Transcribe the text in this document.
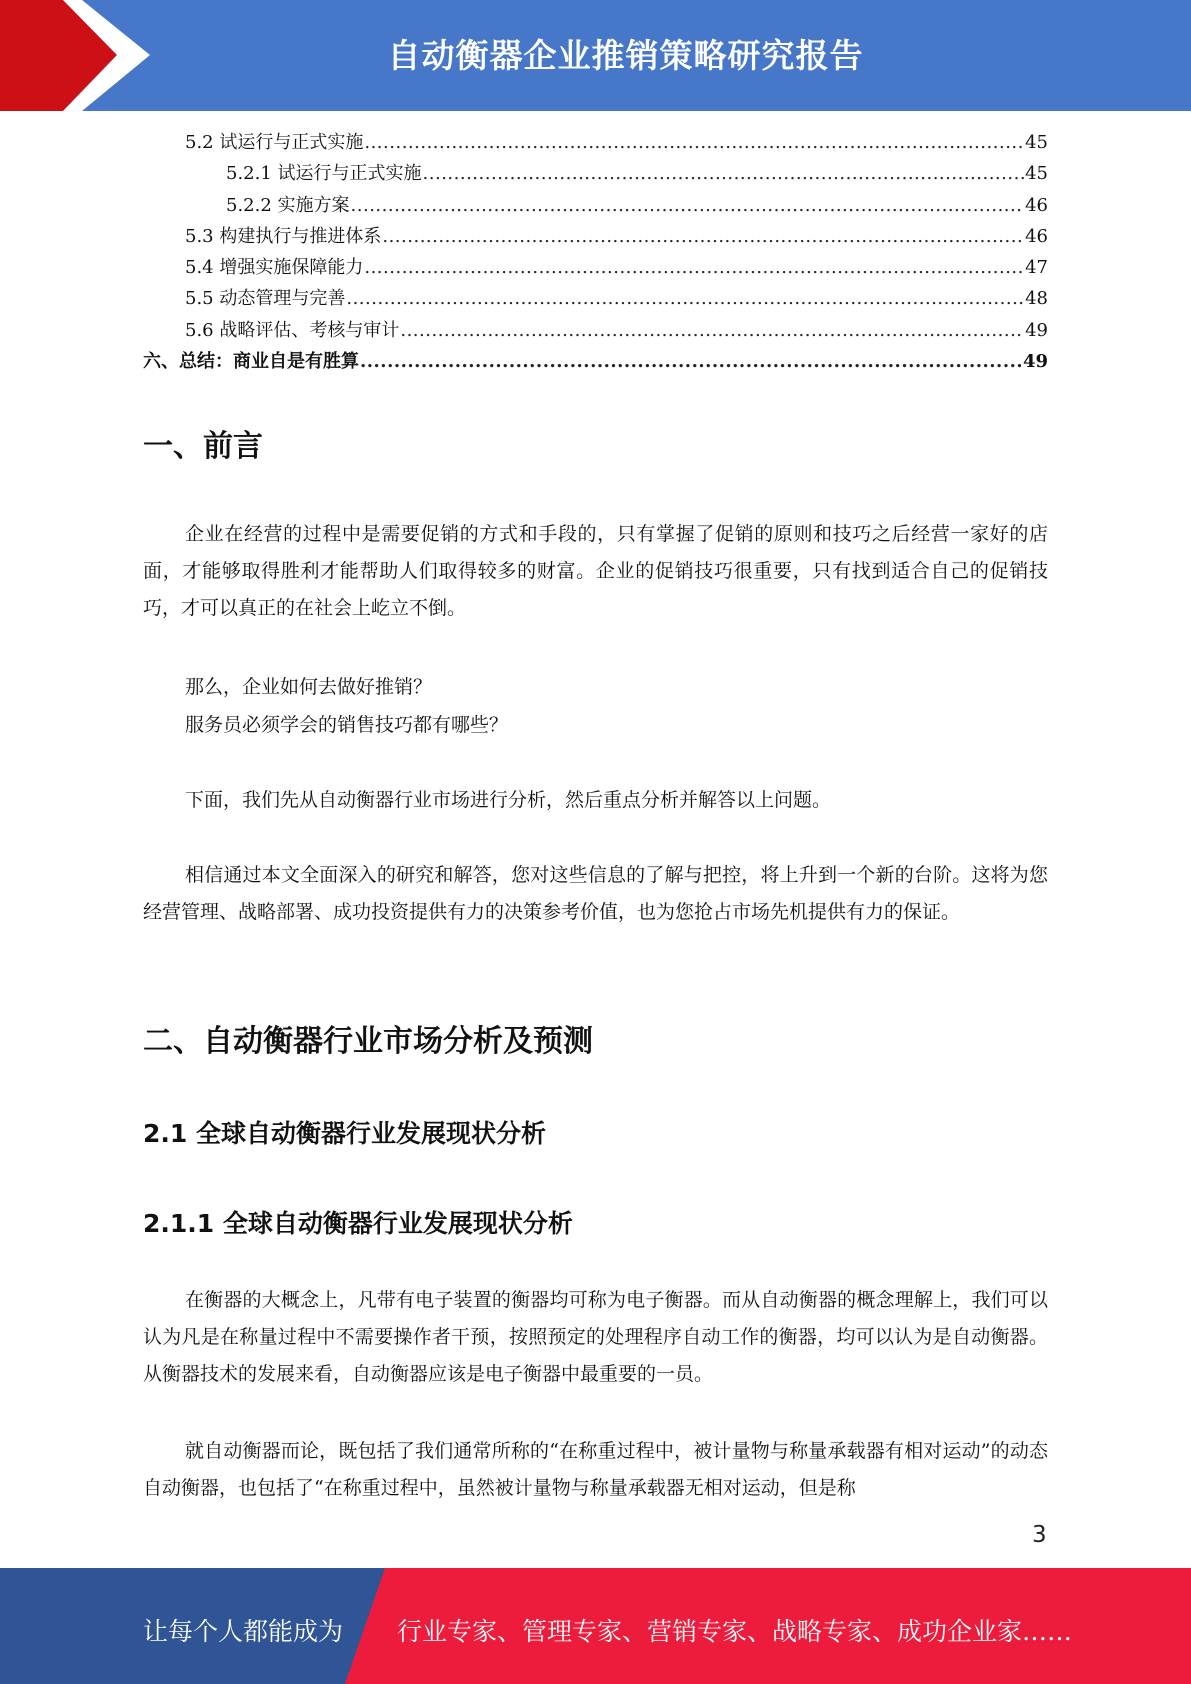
自动衡器企业推销策略研究报告
5.2 试运行与正式实施 .....	45
5.2.1 试运行与正式实施 .....	45
5.2.2 实施方案 .....	46
5.3 构建执行与推进体系 .....	46
5.4 增强实施保障能力 .....	47
5.5 动态管理与完善 .....	48
5.6 战略评估、考核与审计 .....	49
六、总结：商业自是有胜算 .....	49
一、前言

企业在经营的过程中是需要促销的方式和手段的，只有掌握了促销的原则和技巧之后经营一家好的店面，才能够取得胜利才能帮助人们取得较多的财富。企业的促销技巧很重要，只有找到适合自己的促销技巧，才可以真正的在社会上屹立不倒。

那么，企业如何去做好推销？
服务员必须学会的销售技巧都有哪些？

下面，我们先从自动衡器行业市场进行分析，然后重点分析并解答以上问题。

相信通过本文全面深入的研究和解答，您对这些信息的了解与把控，将上升到一个新的台阶。这将为您经营管理、战略部署、成功投资提供有力的决策参考价值，也为您抢占市场先机提供有力的保证。

二、自动衡器行业市场分析及预测
2.1 全球自动衡器行业发展现状分析
2.1.1 全球自动衡器行业发展现状分析

在衡器的大概念上，凡带有电子装置的衡器均可称为电子衡器。而从自动衡器的概念理解上，我们可以认为凡是在称量过程中不需要操作者干预，按照预定的处理程序自动工作的衡器，均可以认为是自动衡器。从衡器技术的发展来看，自动衡器应该是电子衡器中最重要的一员。

就自动衡器而论，既包括了我们通常所称的“在称重过程中，被计量物与称量承载器有相对运动”的动态自动衡器，也包括了“在称重过程中，虽然被计量物与称量承载器无相对运动，但是称

3
让每个人都能成为 行业专家、管理专家、营销专家、战略专家、成功企业家……
